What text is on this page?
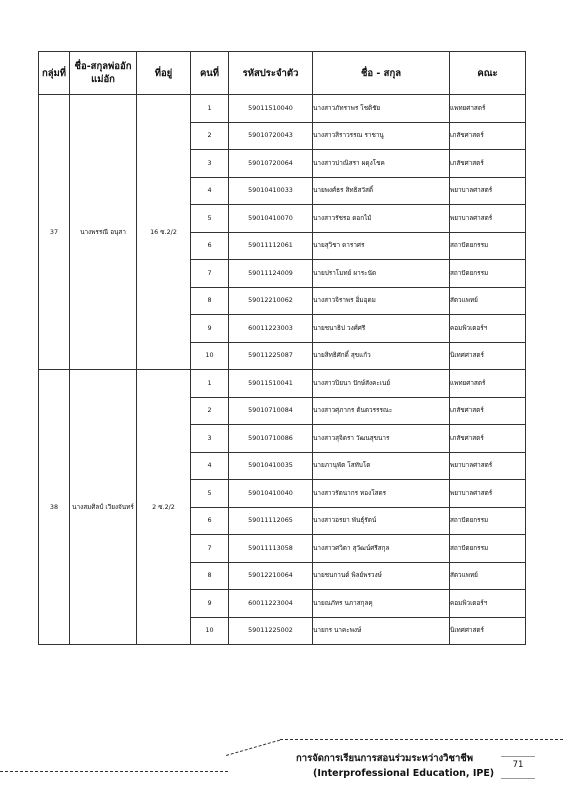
กลุ่มที่	ชื่อ-สกุลพ่ออักแม่อัก	ที่อยู่	คนที่	รหัสประจำตัว	ชื่อ - สกุล	คณะ
37	นางพรรณี อนุสา	16 ซ.2/2	1	59011510040	นางสาวภัทราพร โชติชัย	แพทยศาสตร์
			2	59010720043	นางสาวสิราวรรณ ราชานู	เภสัชศาสตร์
			3	59010720064	นางสาวปาณิสรา ผดุงโชค	เภสัชศาสตร์
			4	59010410033	นายพงศ์ธร สิทธิสวัสดิ์	พยาบาลศาสตร์
			5	59010410070	นางสาวรัชรอ ดอกไม้	พยาบาลศาสตร์
			6	59011112061	นายสุวิชา ดาราศร	สถาปัตยกรรม
			7	59011124009	นายปราโมทย์ ผาระนัด	สถาปัตยกรรม
			8	59012210062	นางสาวจิราพร อิ่มอุดม	สัตวแพทย์
			9	60011223003	นายชนาธิป วงศ์ศรี	คอมพิวเตอร์ฯ
			10	59011225087	นายสิทธิศักดิ์ สุขแก้ว	นิเทศศาสตร์
38	นางสมศิลป์ เวียงจันทร์	2 ซ.2/2	1	59011510041	นางสาวปิยนา ปักษ์สังคะเนย์	แพทยศาสตร์
			2	59010710084	นางสาวศุภากร ต้นตวรรรณะ	เภสัชศาสตร์
			3	59010710086	นางสาวสุจิตรา วัฒนสุขนาร	เภสัชศาสตร์
			4	59010410035	นายภานุพัต โสทับโต	พยาบาลศาสตร์
			5	59010410040	นางสาวรัตนากร ทองโสดร	พยาบาลศาสตร์
			6	59011112065	นางสาวอรยา พันธุ์รัตน์	สถาปัตยกรรม
			7	59011113058	นางสาวศวิตา สุวัฒน์ศรีสกุล	สถาปัตยกรรม
			8	59012210064	นายชนกานต์ พิลย์พรวงษ์	สัตวแพทย์
			9	60011223004	นายณภัทร นภาสกุลคุ	คอมพิวเตอร์ฯ
			10	59011225002	นายกร นาคะพงษ์	นิเทศศาสตร์
การจัดการเรียนการสอนร่วมระหว่างวิชาชีพ
(Interprofessional Education, IPE)
71
